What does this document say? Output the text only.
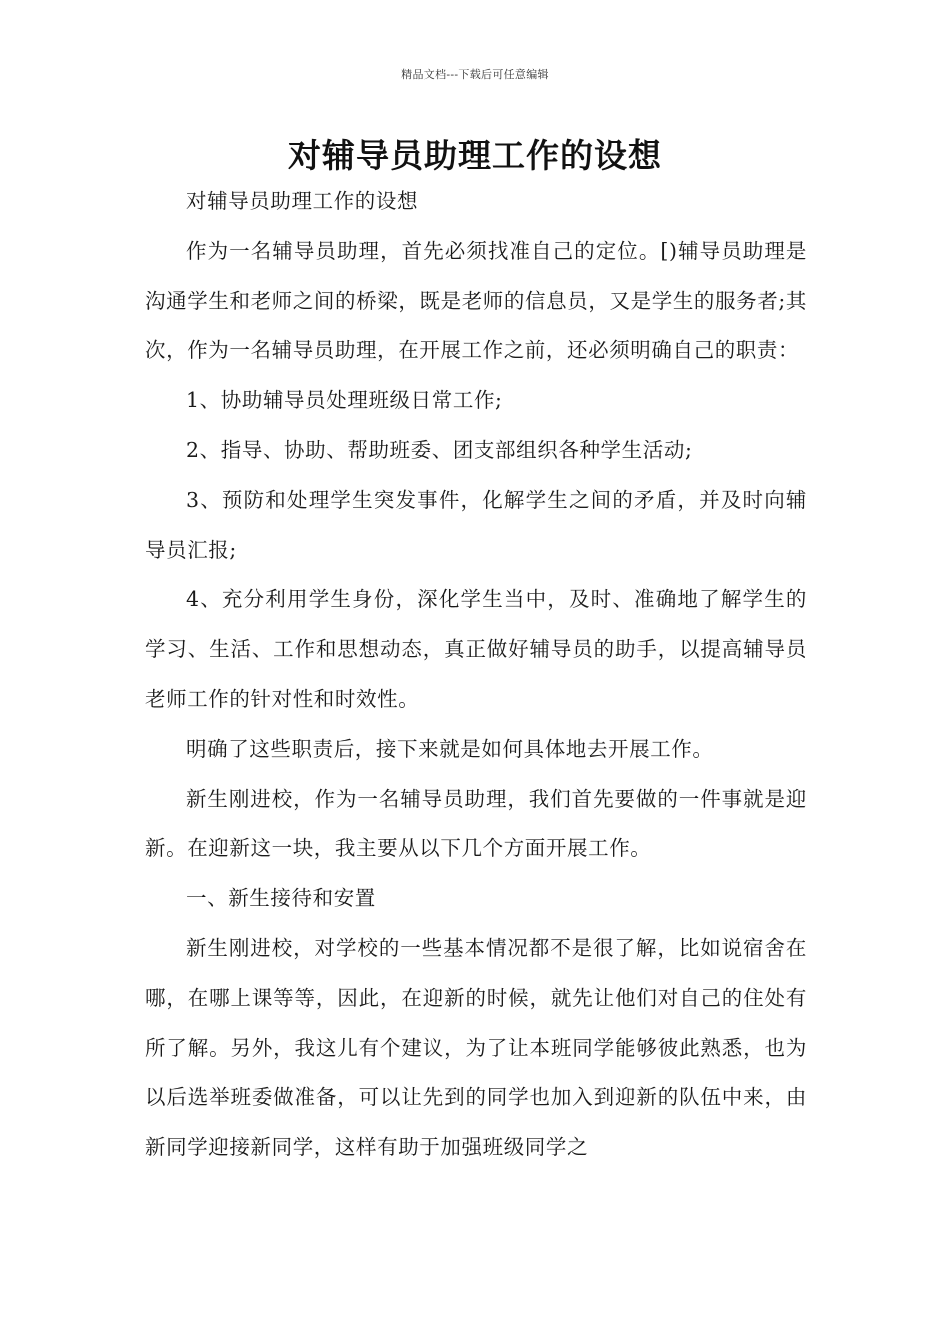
精品文档---下载后可任意编辑
对辅导员助理工作的设想

对辅导员助理工作的设想

作为一名辅导员助理，首先必须找准自己的定位。[)辅导员助理是沟通学生和老师之间的桥梁，既是老师的信息员，又是学生的服务者;其次，作为一名辅导员助理，在开展工作之前，还必须明确自己的职责：

1、协助辅导员处理班级日常工作;

2、指导、协助、帮助班委、团支部组织各种学生活动;

3、预防和处理学生突发事件，化解学生之间的矛盾，并及时向辅导员汇报;

4、充分利用学生身份，深化学生当中，及时、准确地了解学生的学习、生活、工作和思想动态，真正做好辅导员的助手，以提高辅导员老师工作的针对性和时效性。

明确了这些职责后，接下来就是如何具体地去开展工作。

新生刚进校，作为一名辅导员助理，我们首先要做的一件事就是迎新。在迎新这一块，我主要从以下几个方面开展工作。

一、新生接待和安置

新生刚进校，对学校的一些基本情况都不是很了解，比如说宿舍在哪，在哪上课等等，因此，在迎新的时候，就先让他们对自己的住处有所了解。另外，我这儿有个建议，为了让本班同学能够彼此熟悉，也为以后选举班委做准备，可以让先到的同学也加入到迎新的队伍中来，由新同学迎接新同学，这样有助于加强班级同学之
